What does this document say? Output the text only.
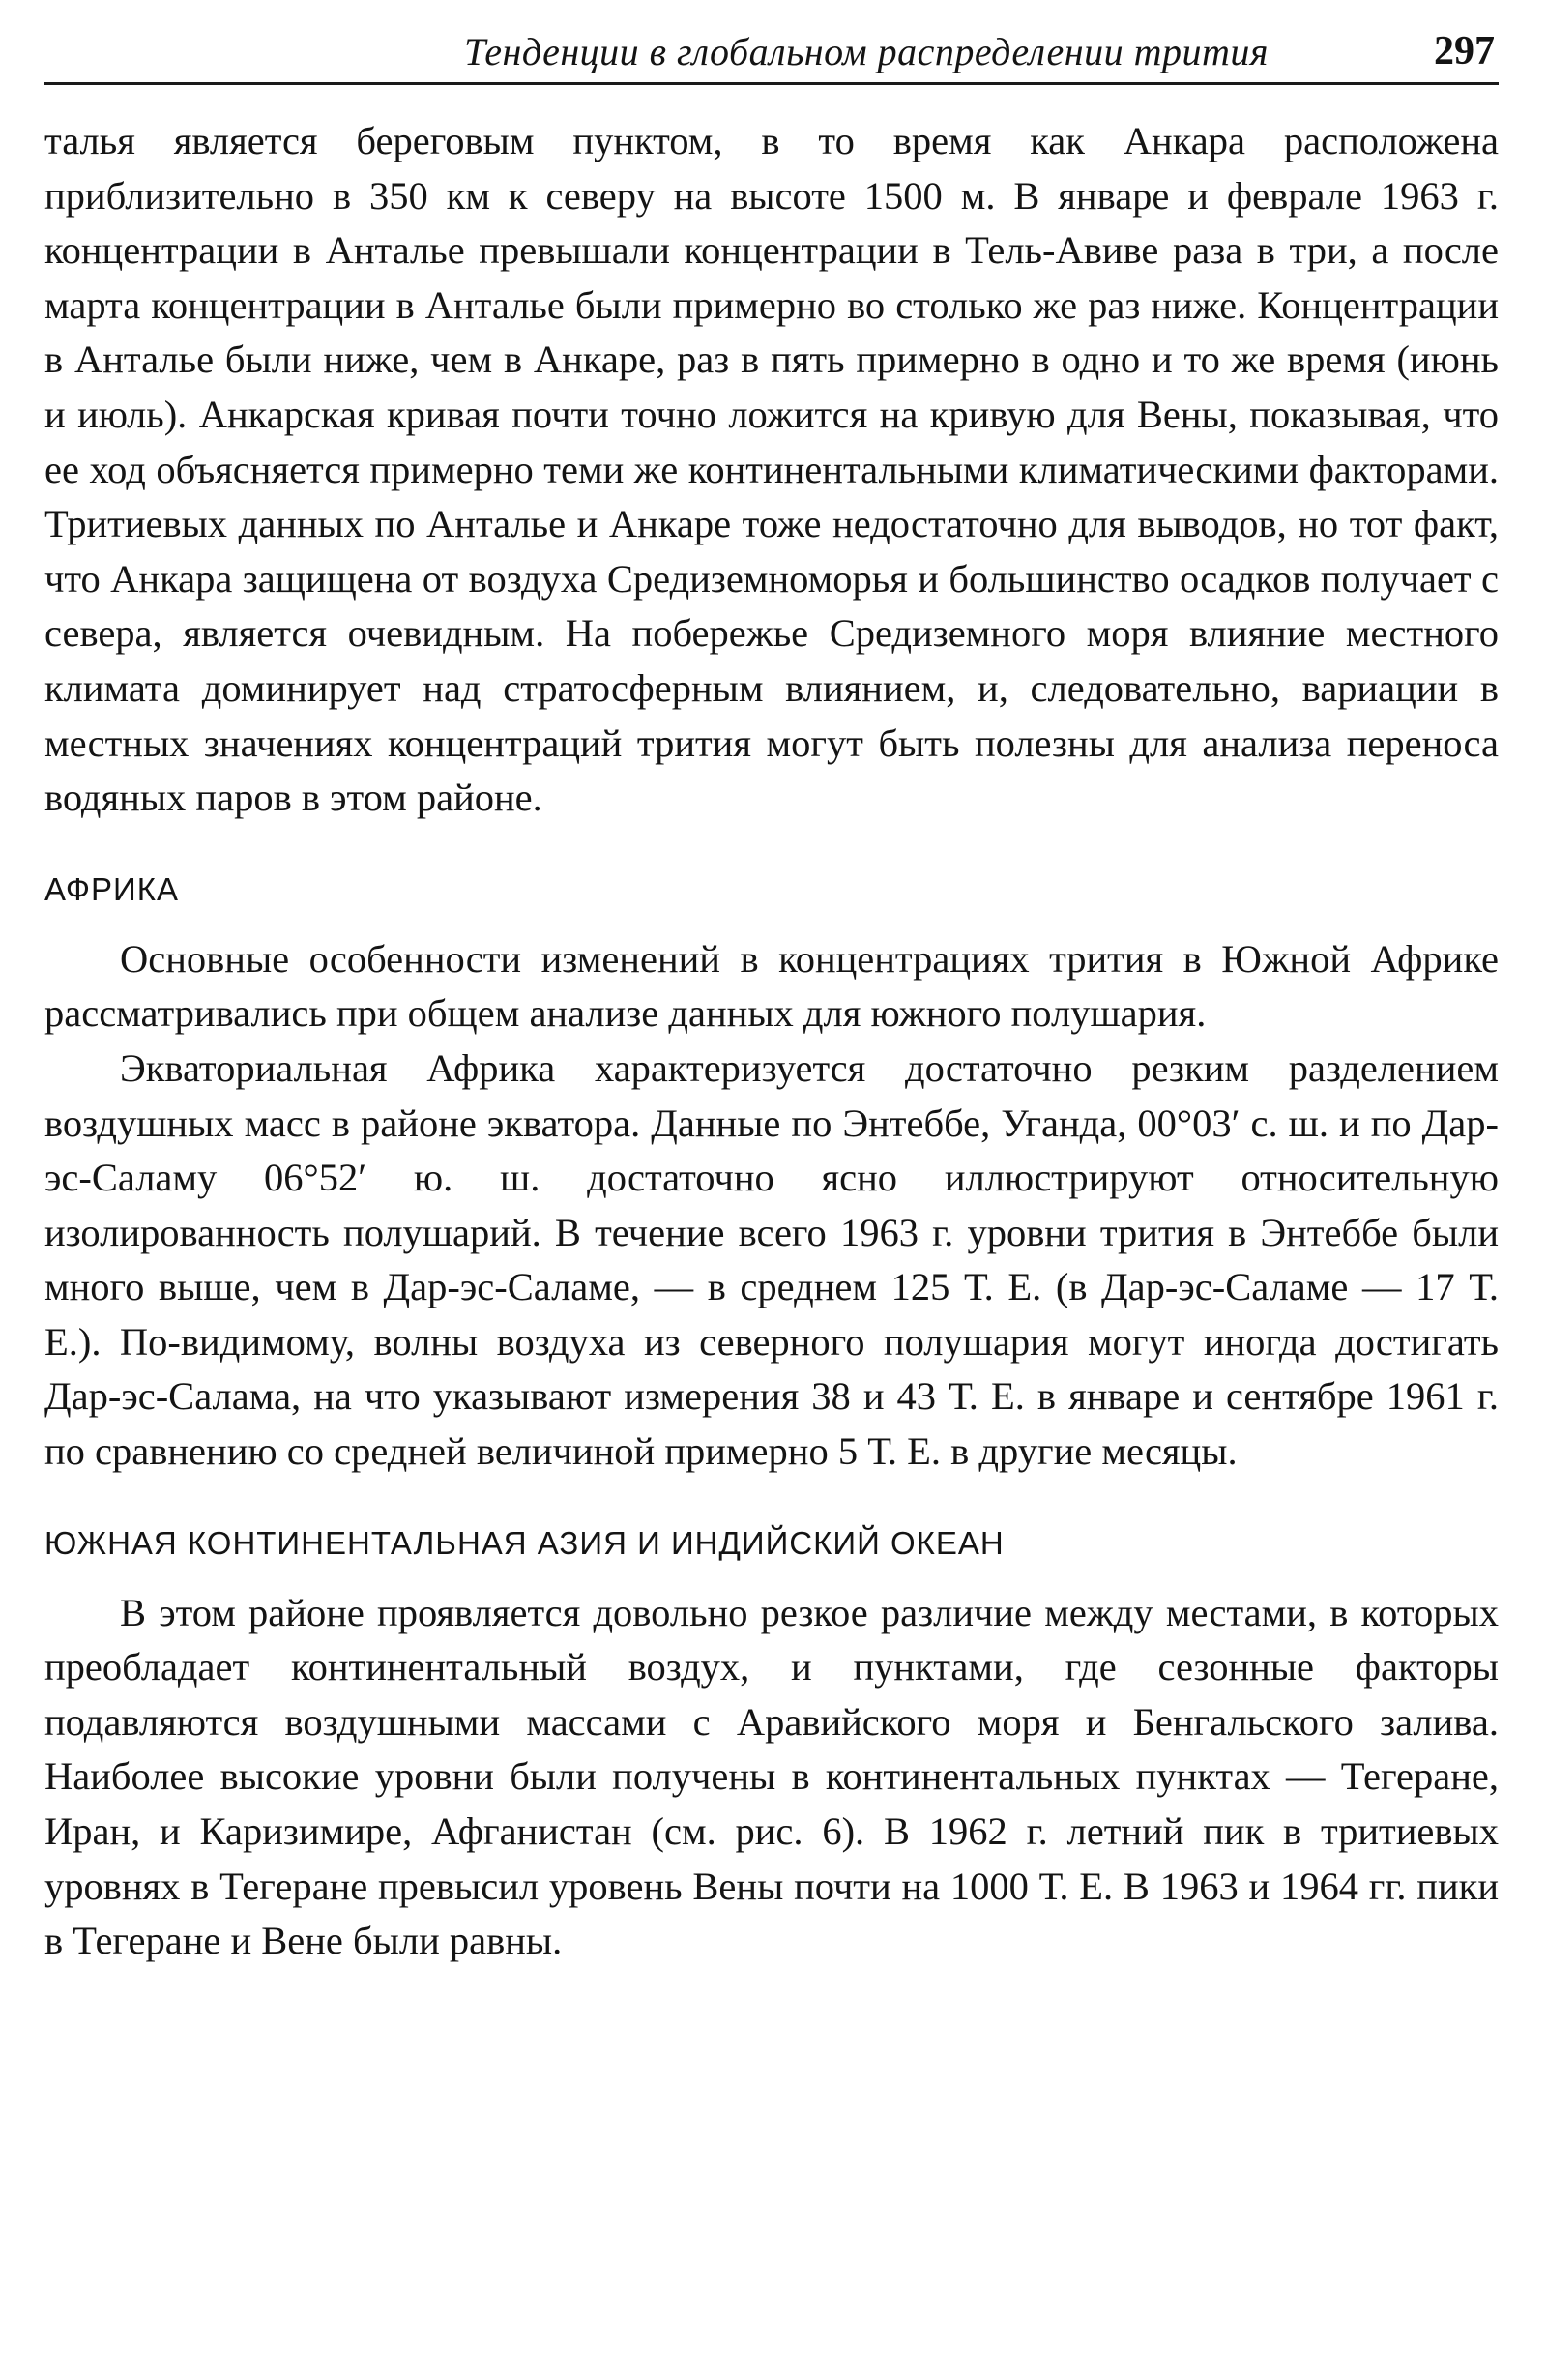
Тенденции в глобальном распределении трития	297

талья является береговым пунктом, в то время как Анкара расположена приблизительно в 350 км к северу на высоте 1500 м. В январе и феврале 1963 г. концентрации в Анталье превышали концентрации в Тель-Авиве раза в три, а после марта концентрации в Анталье были примерно во столько же раз ниже. Концентрации в Анталье были ниже, чем в Анкаре, раз в пять примерно в одно и то же время (июнь и июль). Анкарская кривая почти точно ложится на кривую для Вены, показывая, что ее ход объясняется примерно теми же континентальными климатическими факторами. Тритиевых данных по Анталье и Анкаре тоже недостаточно для выводов, но тот факт, что Анкара защищена от воздуха Средиземноморья и большинство осадков получает с севера, является очевидным. На побережье Средиземного моря влияние местного климата доминирует над стратосферным влиянием, и, следовательно, вариации в местных значениях концентраций трития могут быть полезны для анализа переноса водяных паров в этом районе.

АФРИКА

Основные особенности изменений в концентрациях трития в Южной Африке рассматривались при общем анализе данных для южного полушария.

Экваториальная Африка характеризуется достаточно резким разделением воздушных масс в районе экватора. Данные по Энтеббе, Уганда, 00°03′ с. ш. и по Дар-эс-Саламу 06°52′ ю. ш. достаточно ясно иллюстрируют относительную изолированность полушарий. В течение всего 1963 г. уровни трития в Энтеббе были много выше, чем в Дар-эс-Саламе, — в среднем 125 Т. Е. (в Дар-эс-Саламе — 17 Т. Е.). По-видимому, волны воздуха из северного полушария могут иногда достигать Дар-эс-Салама, на что указывают измерения 38 и 43 Т. Е. в январе и сентябре 1961 г. по сравнению со средней величиной примерно 5 Т. Е. в другие месяцы.

ЮЖНАЯ КОНТИНЕНТАЛЬНАЯ АЗИЯ И ИНДИЙСКИЙ ОКЕАН

В этом районе проявляется довольно резкое различие между местами, в которых преобладает континентальный воздух, и пунктами, где сезонные факторы подавляются воздушными массами с Аравийского моря и Бенгальского залива. Наиболее высокие уровни были получены в континентальных пунктах — Тегеране, Иран, и Каризимире, Афганистан (см. рис. 6). В 1962 г. летний пик в тритиевых уровнях в Тегеране превысил уровень Вены почти на 1000 Т. Е. В 1963 и 1964 гг. пики в Тегеране и Вене были равны.
